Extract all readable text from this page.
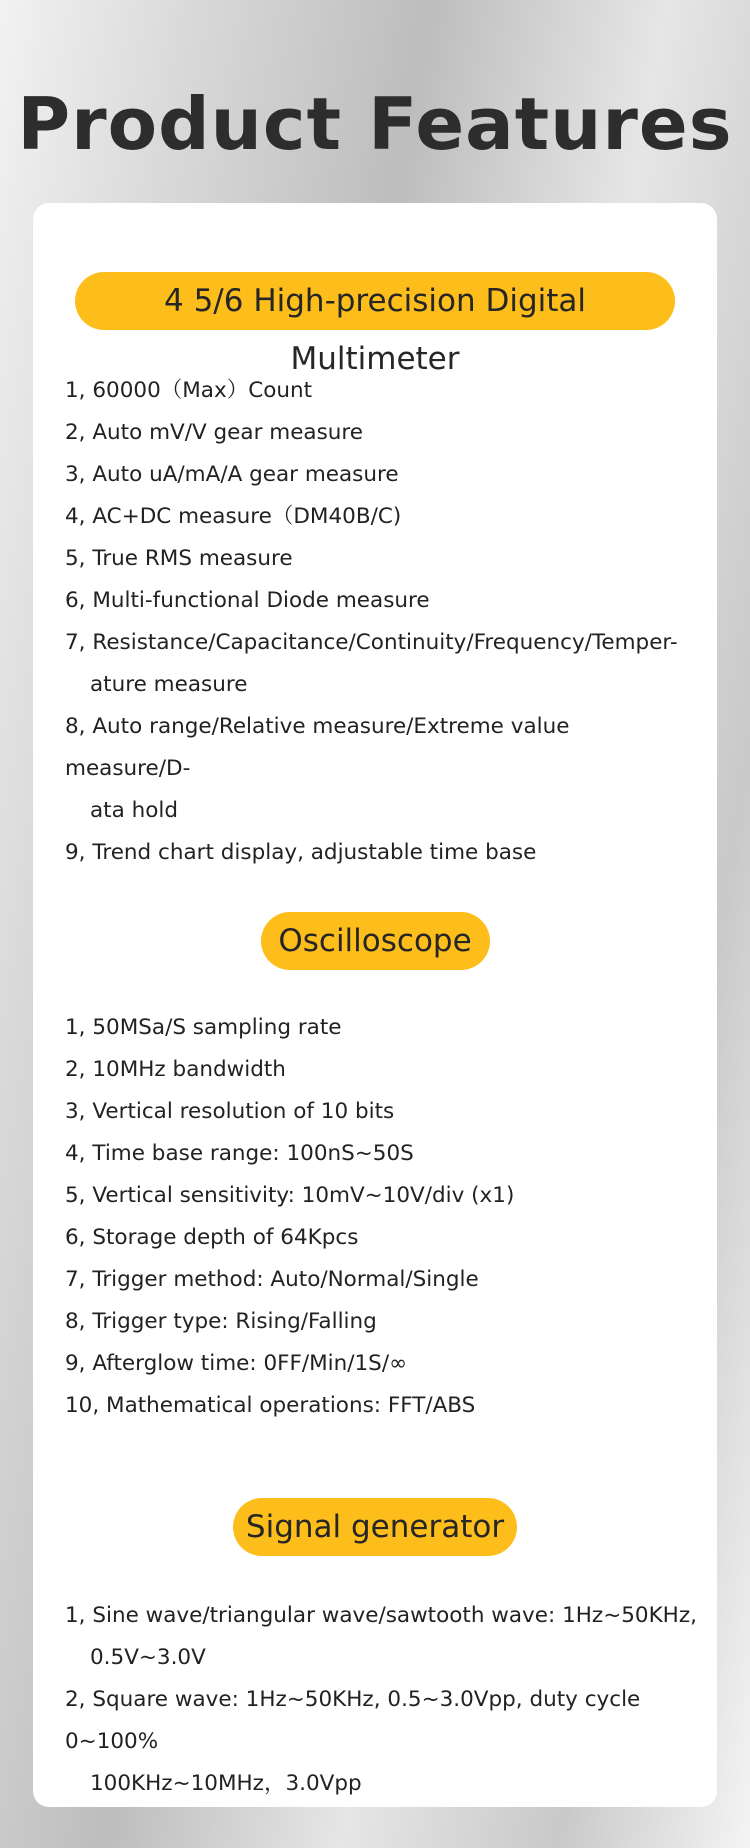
Product Features
4 5/6 High-precision Digital Multimeter
1, 60000（Max）Count
2, Auto mV/V gear measure
3, Auto uA/mA/A gear measure
4, AC+DC measure（DM40B/C)
5, True RMS measure
6, Multi-functional Diode measure
7, Resistance/Capacitance/Continuity/Frequency/Temper-
ature measure
8, Auto range/Relative measure/Extreme value measure/D-
ata hold
9, Trend chart display, adjustable time base
Oscilloscope
1, 50MSa/S sampling rate
2, 10MHz bandwidth
3, Vertical resolution of 10 bits
4, Time base range: 100nS~50S
5, Vertical sensitivity: 10mV~10V/div (x1)
6, Storage depth of 64Kpcs
7, Trigger method: Auto/Normal/Single
8, Trigger type: Rising/Falling
9, Afterglow time: 0FF/Min/1S/∞
10, Mathematical operations: FFT/ABS
Signal generator
1, Sine wave/triangular wave/sawtooth wave: 1Hz~50KHz,
0.5V~3.0V
2, Square wave: 1Hz~50KHz, 0.5~3.0Vpp, duty cycle 0~100%
100KHz~10MHz，3.0Vpp
